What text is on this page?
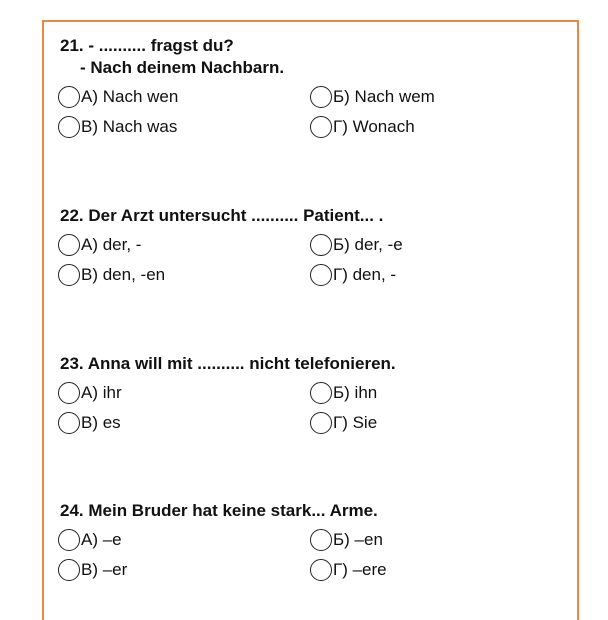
21. - .......... fragst du?
- Nach deinem Nachbarn.

А) Nach wen	Б) Nach wem
В) Nach was	Г) Wonach

22. Der Arzt untersucht .......... Patient... .

А) der, -	Б) der, -e
В) den, -en	Г) den, -

23. Anna will mit .......... nicht telefonieren.

А) ihr	Б) ihn
В) es	Г) Sie

24. Mein Bruder hat keine stark... Arme.

А) –e	Б) –en
В) –er	Г) –ere
